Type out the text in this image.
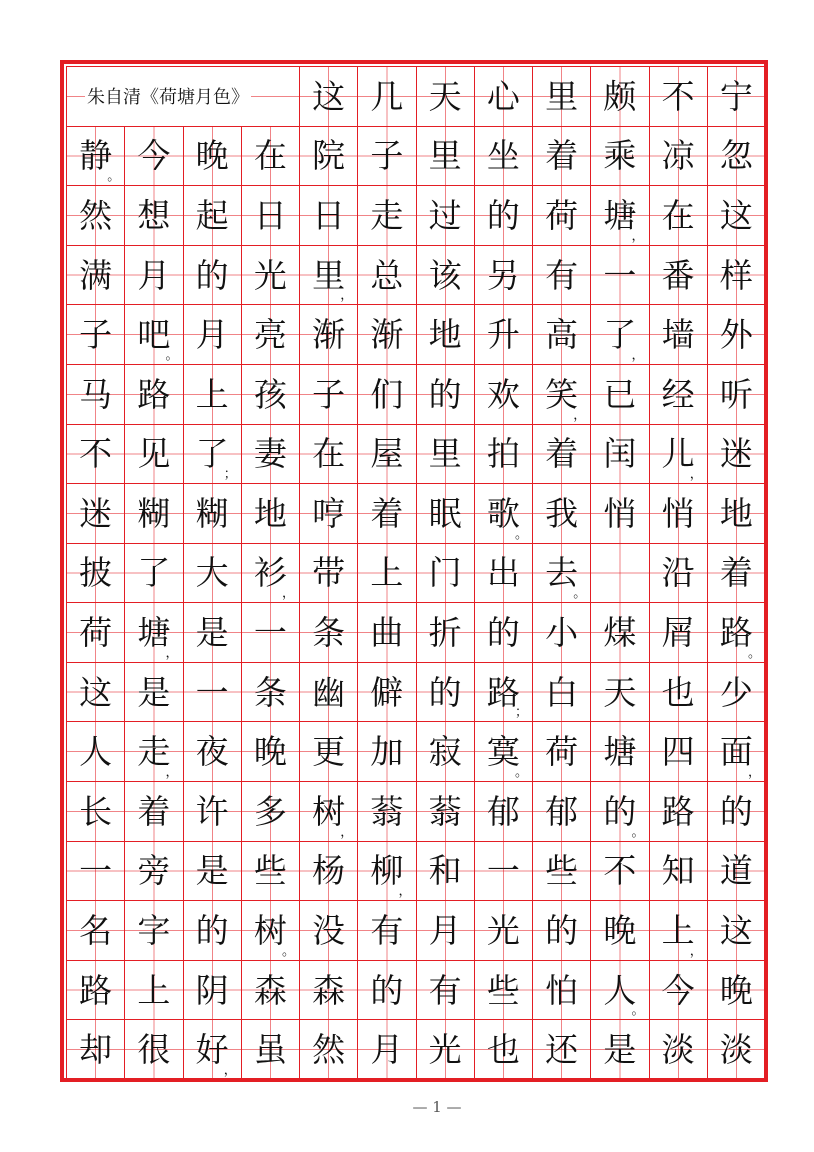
朱自清《荷塘月色》 这 几 天 心 里 颇 不 宁
静
。
今 晚 在 院 子 里 坐 着 乘 凉 忽
然 想 起 日 日 走 过 的 荷 塘
，
在 这
满 月 的 光 里
，
总 该 另 有 一 番 样
子 吧
。
月 亮 渐 渐 地 升 高 了
，
墙 外
马 路 上 孩 子 们 的 欢 笑
，
已 经 听
不 见 了
；
妻 在 屋 里 拍 着 闰 儿
，
迷
迷 糊 糊 地 哼 着 眠 歌
。
我 悄 悄 地
披 了 大 衫
，
带 上 门 出 去
。
沿 着
荷 塘
，
是 一 条 曲 折 的 小 煤 屑 路
。
这 是 一 条 幽 僻 的 路
；
白 天 也 少
人 走
，
夜 晚 更 加 寂 寞
。
荷 塘 四 面
，
长 着 许 多 树
，
蓊 蓊 郁 郁 的
。
路 的
一 旁 是 些 杨 柳
，
和 一 些 不 知 道
名 字 的 树
。
没 有 月 光 的 晚 上
，
这
路 上 阴 森 森 的 有 些 怕 人
。
今 晚
却 很 好
，
虽 然 月 光 也 还 是 淡 淡
— 1 —
